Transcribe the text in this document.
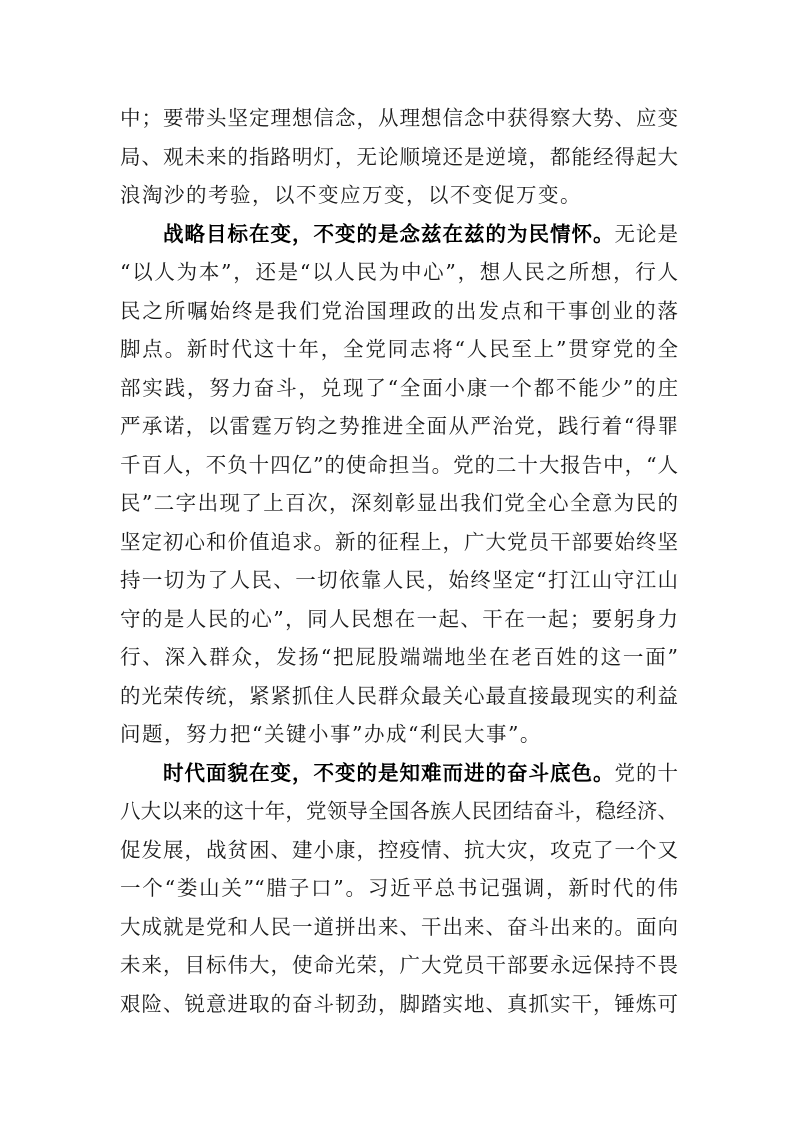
中；要带头坚定理想信念，从理想信念中获得察大势、应变
局、观未来的指路明灯，无论顺境还是逆境，都能经得起大
浪淘沙的考验，以不变应万变，以不变促万变。
战略目标在变，不变的是念兹在兹的为民情怀。无论是
“以人为本”，还是“以人民为中心”，想人民之所想，行人
民之所嘱始终是我们党治国理政的出发点和干事创业的落
脚点。新时代这十年，全党同志将“人民至上”贯穿党的全
部实践，努力奋斗，兑现了“全面小康一个都不能少”的庄
严承诺，以雷霆万钧之势推进全面从严治党，践行着“得罪
千百人，不负十四亿”的使命担当。党的二十大报告中，“人
民”二字出现了上百次，深刻彰显出我们党全心全意为民的
坚定初心和价值追求。新的征程上，广大党员干部要始终坚
持一切为了人民、一切依靠人民，始终坚定“打江山守江山
守的是人民的心”，同人民想在一起、干在一起；要躬身力
行、深入群众，发扬“把屁股端端地坐在老百姓的这一面”
的光荣传统，紧紧抓住人民群众最关心最直接最现实的利益
问题，努力把“关键小事”办成“利民大事”。
时代面貌在变，不变的是知难而进的奋斗底色。党的十
八大以来的这十年，党领导全国各族人民团结奋斗，稳经济、
促发展，战贫困、建小康，控疫情、抗大灾，攻克了一个又
一个“娄山关”“腊子口”。习近平总书记强调，新时代的伟
大成就是党和人民一道拼出来、干出来、奋斗出来的。面向
未来，目标伟大，使命光荣，广大党员干部要永远保持不畏
艰险、锐意进取的奋斗韧劲，脚踏实地、真抓实干，锤炼可
